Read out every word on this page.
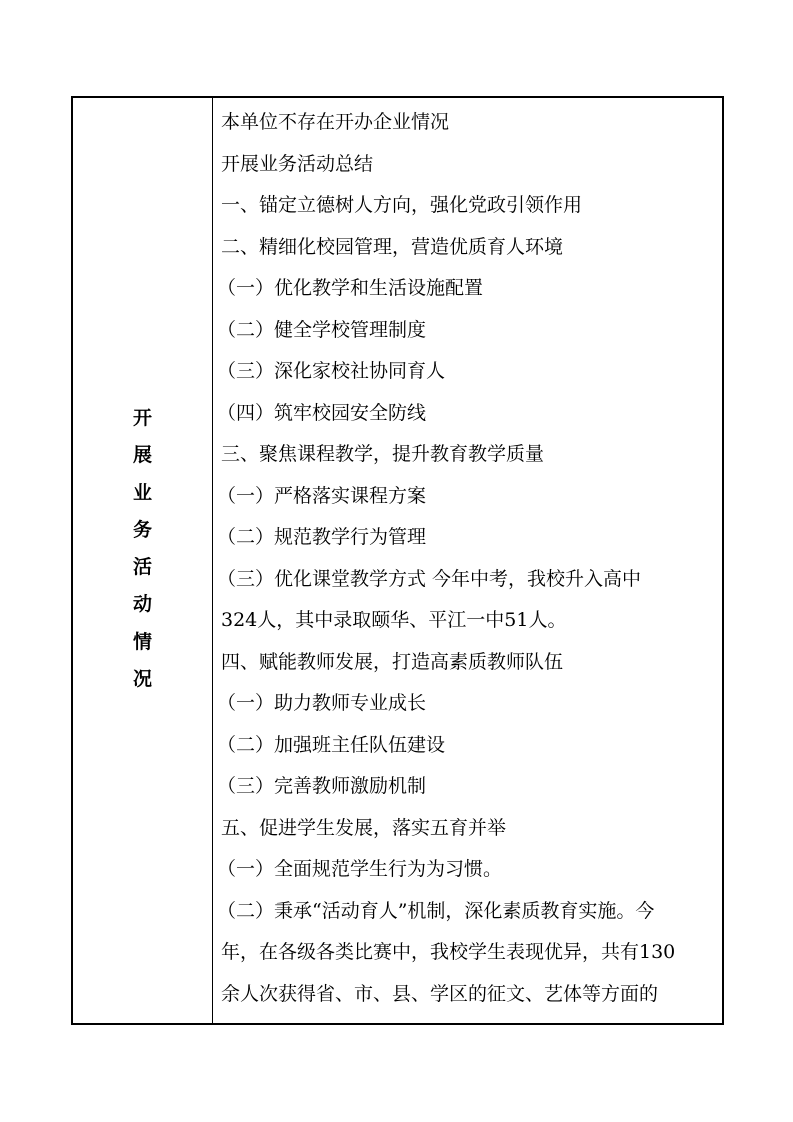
开
展
业
务
活
动
情
况
本单位不存在开办企业情况
开展业务活动总结
一、锚定立德树人方向，强化党政引领作用
二、精细化校园管理，营造优质育人环境
（一）优化教学和生活设施配置
（二）健全学校管理制度
（三）深化家校社协同育人
（四）筑牢校园安全防线
三、聚焦课程教学，提升教育教学质量
（一）严格落实课程方案
（二）规范教学行为管理
（三）优化课堂教学方式 今年中考，我校升入高中
324人，其中录取颐华、平江一中51人。
四、赋能教师发展，打造高素质教师队伍
（一）助力教师专业成长
（二）加强班主任队伍建设
（三）完善教师激励机制
五、促进学生发展，落实五育并举
（一）全面规范学生行为为习惯。
（二）秉承“活动育人”机制，深化素质教育实施。今
年，在各级各类比赛中，我校学生表现优异，共有130
余人次获得省、市、县、学区的征文、艺体等方面的
